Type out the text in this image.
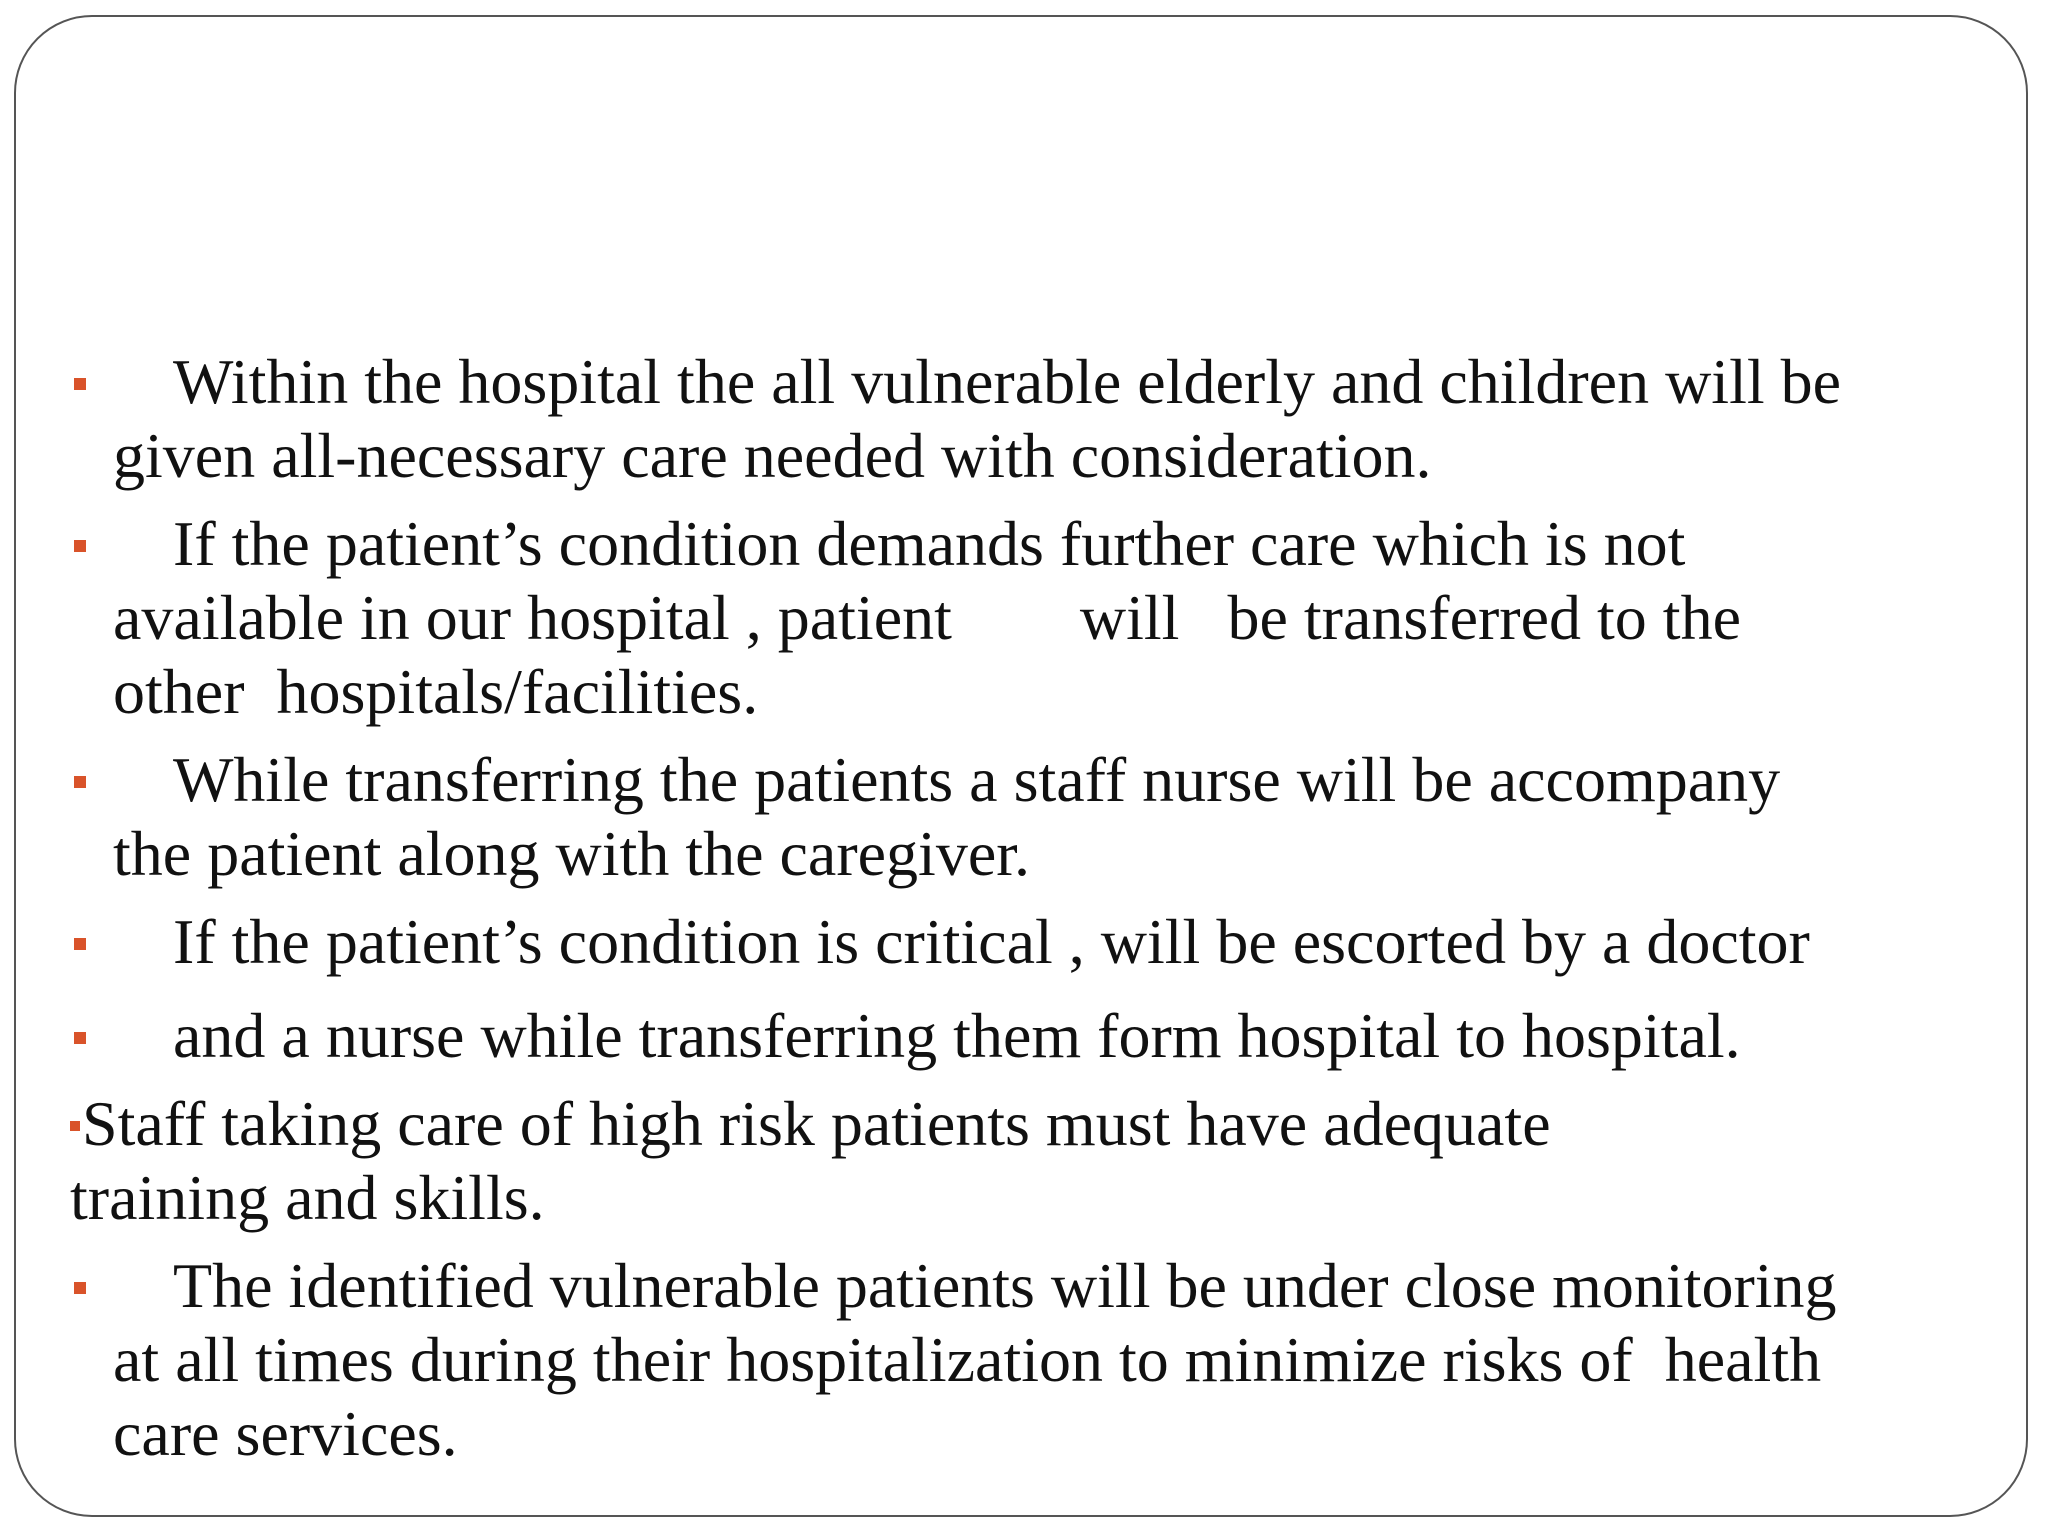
Within the hospital the all vulnerable elderly and children will be
given all-necessary care needed with consideration.
If the patient’s condition demands further care which is not
available in our hospital , patient        will   be transferred to the
other  hospitals/facilities.
While transferring the patients a staff nurse will be accompany
the patient along with the caregiver.
If the patient’s condition is critical , will be escorted by a doctor
and a nurse while transferring them form hospital to hospital.
Staff taking care of high risk patients must have adequate
training and skills.
The identified vulnerable patients will be under close monitoring
at all times during their hospitalization to minimize risks of  health
care services.
